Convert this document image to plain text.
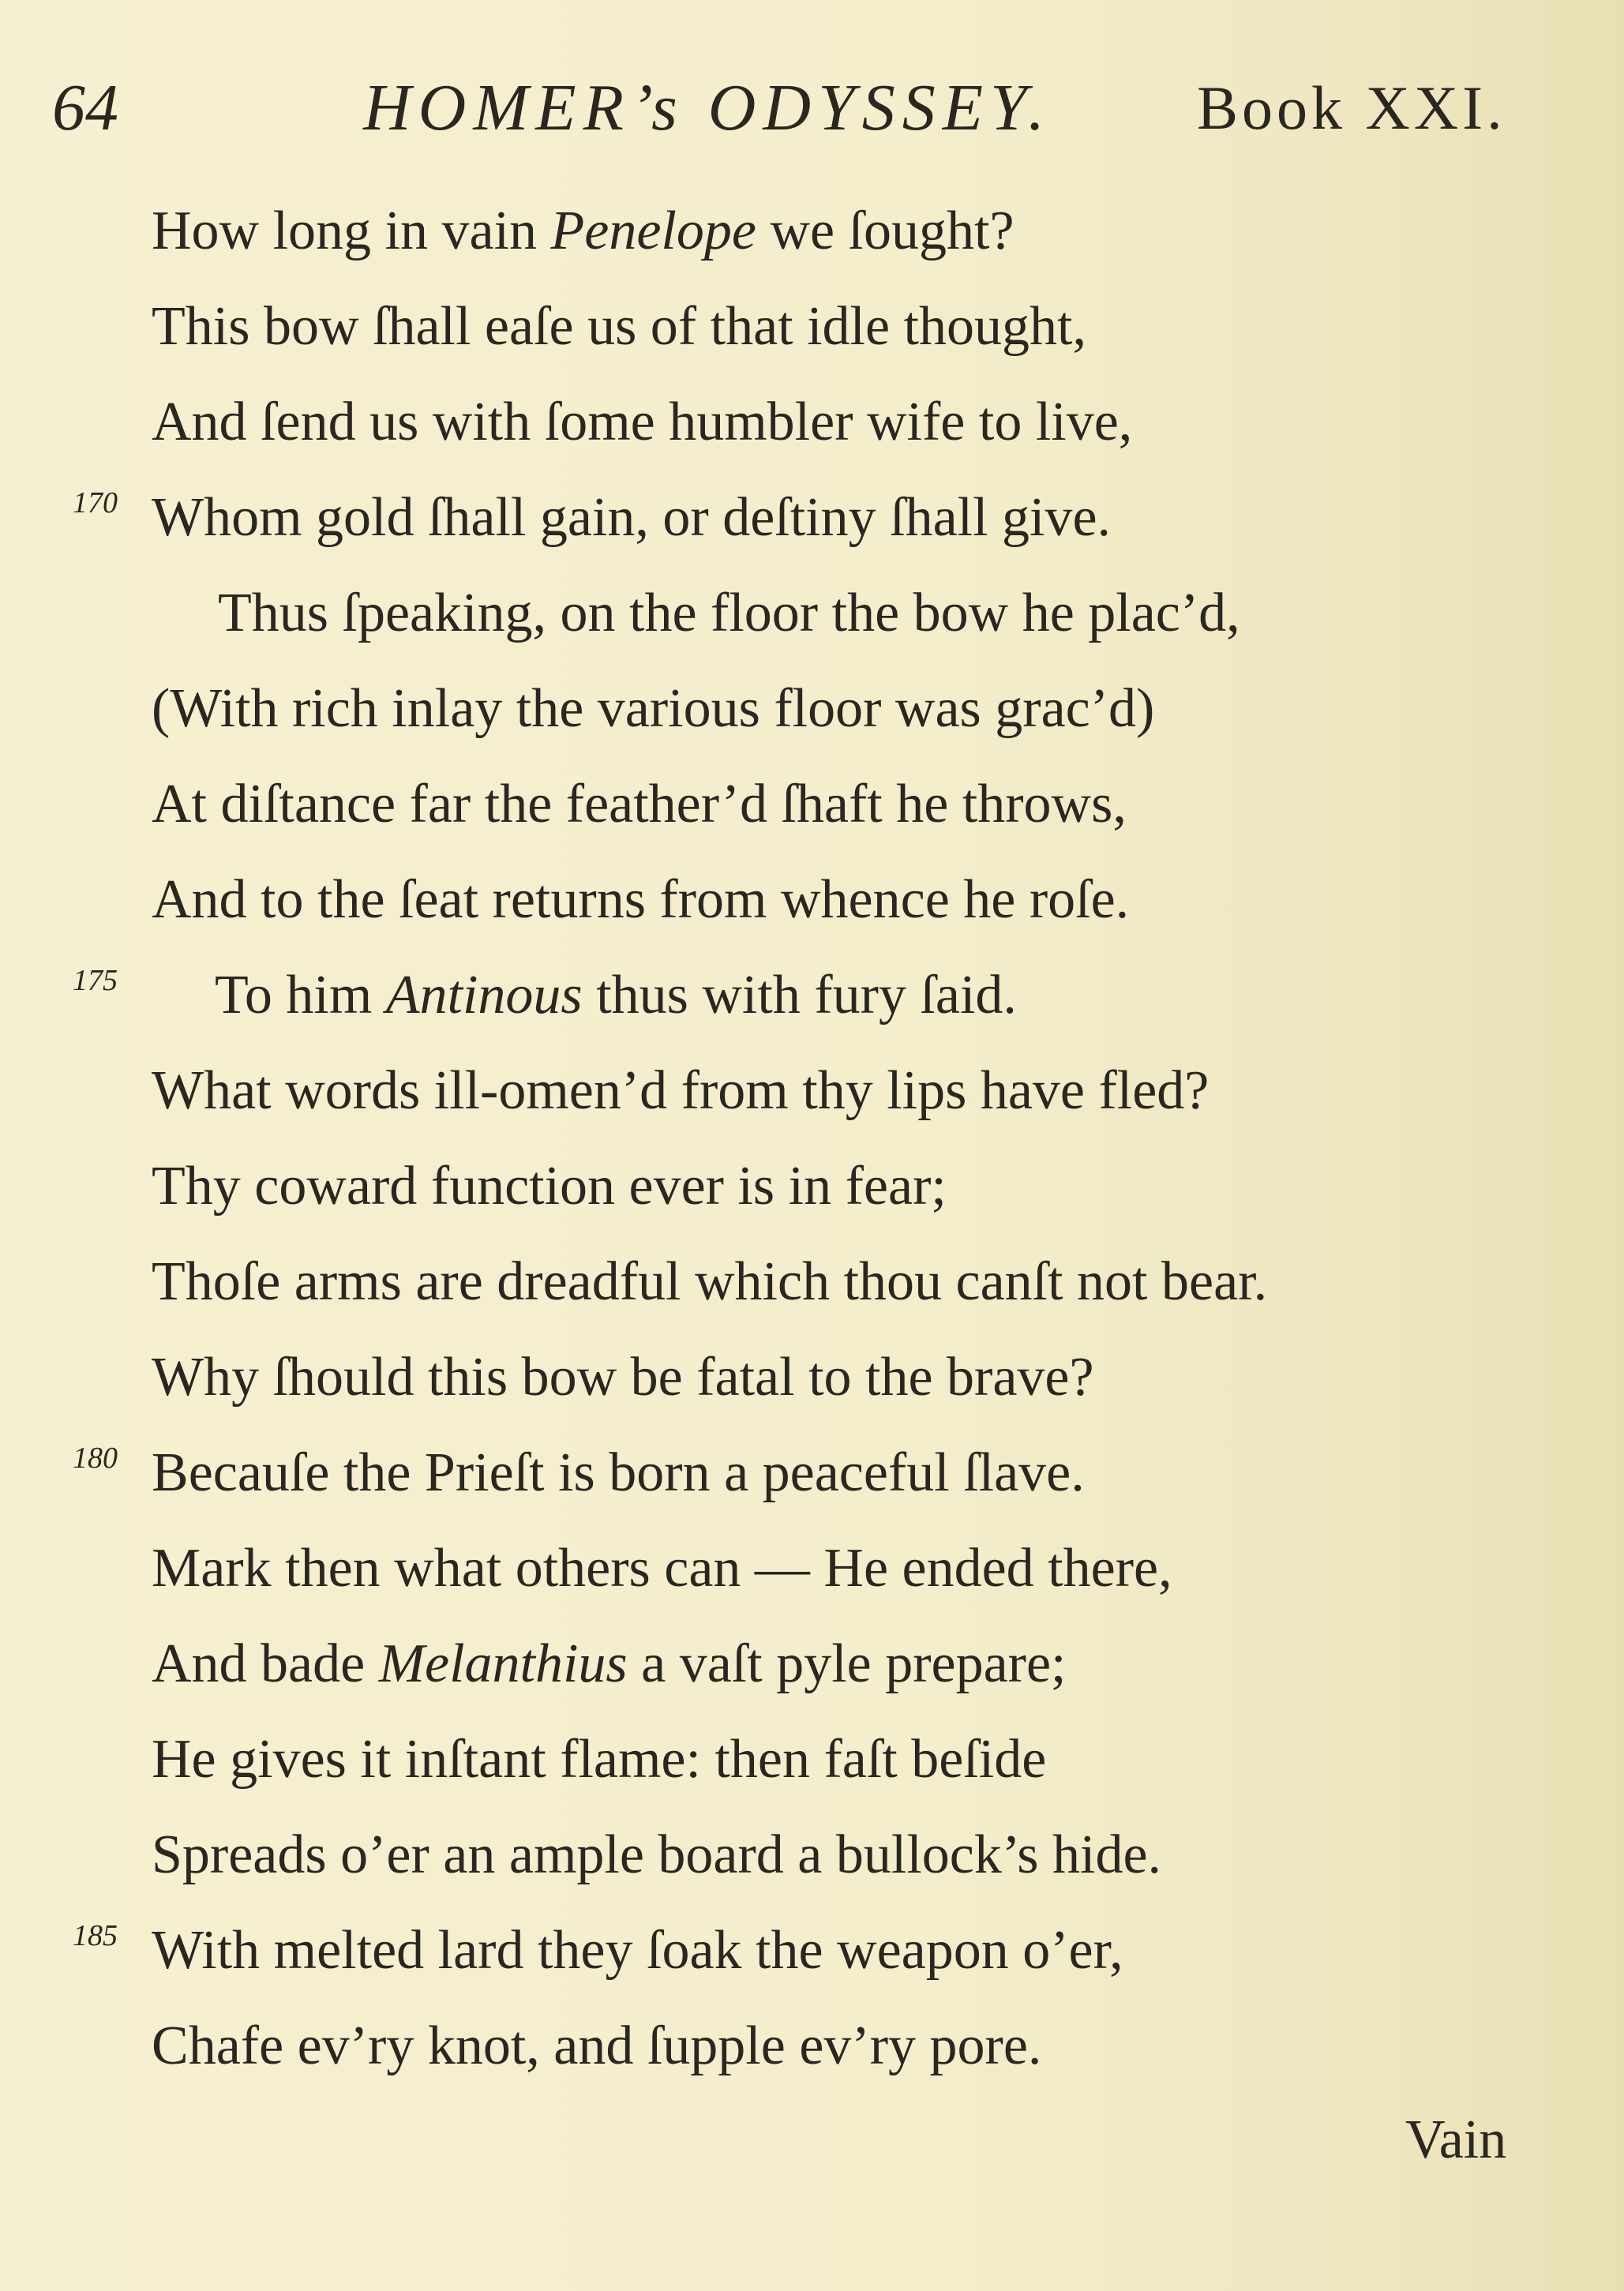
64	HOMER’s ODYSSEY. Book XXI.
How long in vain Penelope we ſought?
This bow ſhall eaſe us of that idle thought,
And ſend us with ſome humbler wife to live,
170 Whom gold ſhall gain, or deſtiny ſhall give.
Thus ſpeaking, on the floor the bow he plac’d,
(With rich inlay the various floor was grac’d)
At diſtance far the feather’d ſhaft he throws,
And to the ſeat returns from whence he roſe.
175 To him Antinous thus with fury ſaid.
What words ill-omen’d from thy lips have fled?
Thy coward function ever is in fear;
Thoſe arms are dreadful which thou canſt not bear.
Why ſhould this bow be fatal to the brave?
180 Becauſe the Prieſt is born a peaceful ſlave.
Mark then what others can — He ended there,
And bade Melanthius a vaſt pyle prepare;
He gives it inſtant flame: then faſt beſide
Spreads o’er an ample board a bullock’s hide.
185 With melted lard they ſoak the weapon o’er,
Chafe ev’ry knot, and ſupple ev’ry pore.
Vain
